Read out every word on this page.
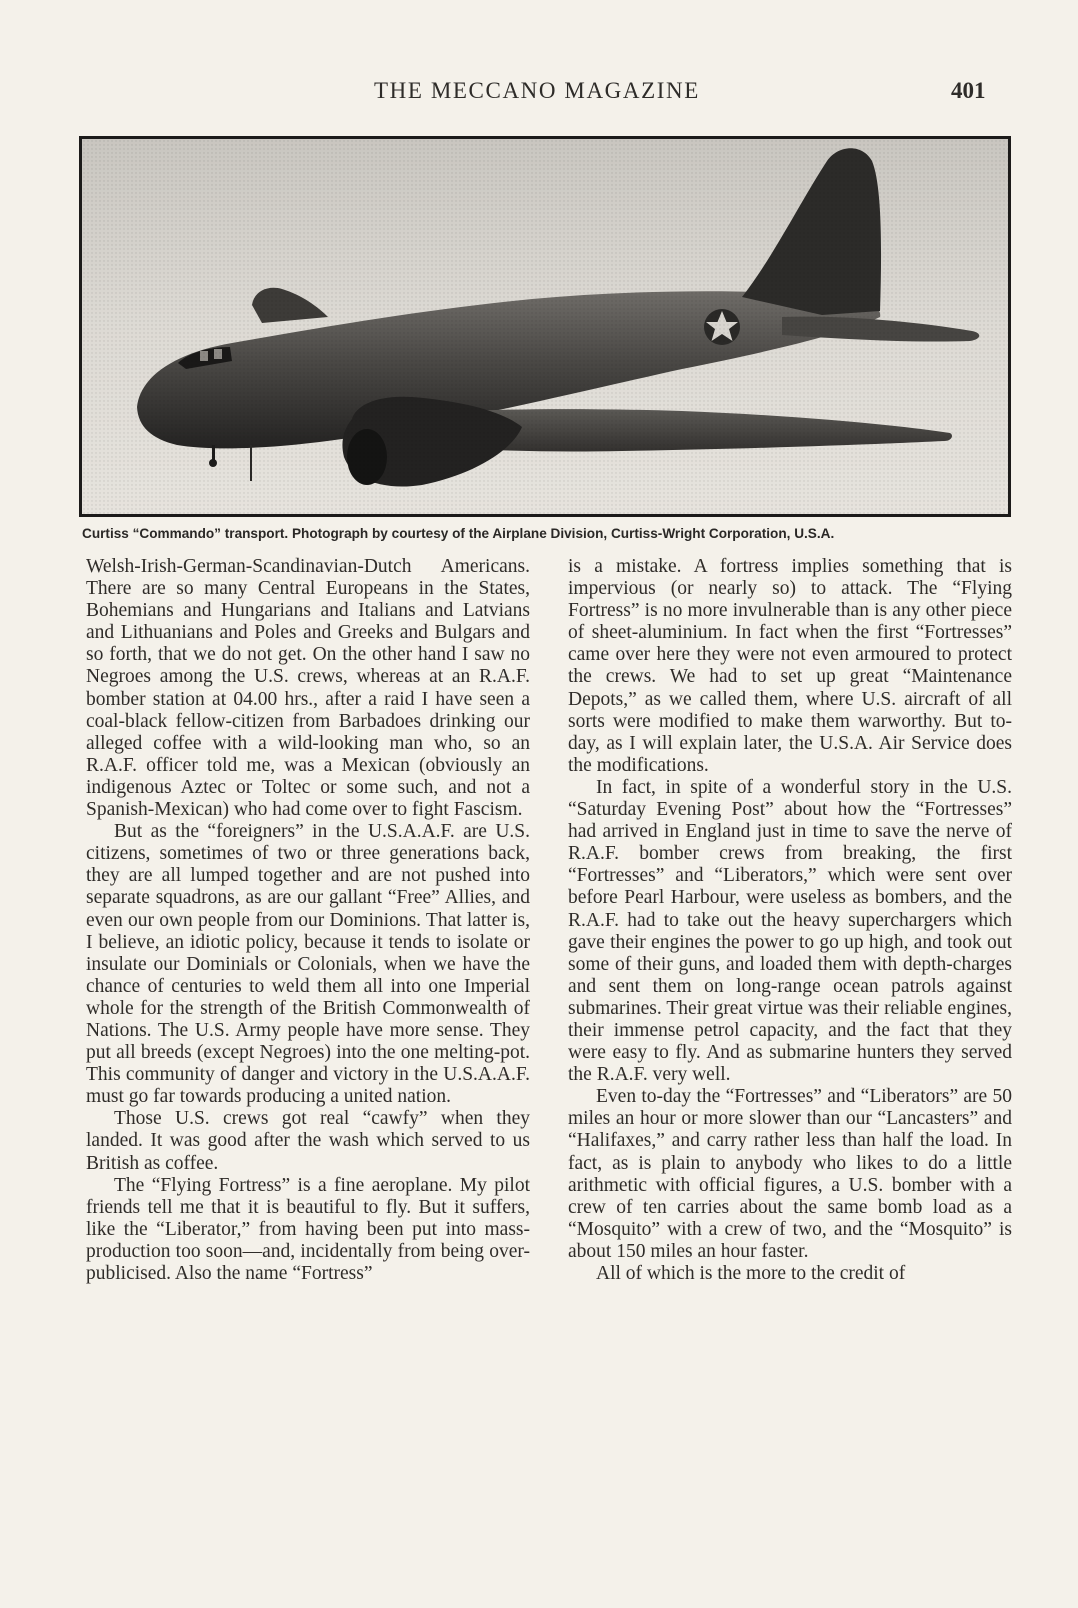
THE MECCANO MAGAZINE	401
Curtiss “Commando” transport. Photograph by courtesy of the Airplane Division, Curtiss-Wright Corporation, U.S.A.

Welsh-Irish-German-Scandinavian-Dutch Americans. There are so many Central Europeans in the States, Bohemians and Hungarians and Italians and Latvians and Lithuanians and Poles and Greeks and Bulgars and so forth, that we do not get. On the other hand I saw no Negroes among the U.S. crews, whereas at an R.A.F. bomber station at 04.00 hrs., after a raid I have seen a coal-black fellow-citizen from Barbadoes drinking our alleged coffee with a wild-looking man who, so an R.A.F. officer told me, was a Mexican (obviously an indigenous Aztec or Toltec or some such, and not a Spanish-Mexican) who had come over to fight Fascism.

But as the “foreigners” in the U.S.A.A.F. are U.S. citizens, sometimes of two or three generations back, they are all lumped together and are not pushed into separate squadrons, as are our gallant “Free” Allies, and even our own people from our Dominions. That latter is, I believe, an idiotic policy, because it tends to isolate or insulate our Dominials or Colonials, when we have the chance of centuries to weld them all into one Imperial whole for the strength of the British Commonwealth of Nations. The U.S. Army people have more sense. They put all breeds (except Negroes) into the one melting-pot. This community of danger and victory in the U.S.A.A.F. must go far towards producing a united nation.

Those U.S. crews got real “cawfy” when they landed. It was good after the wash which served to us British as coffee.

The “Flying Fortress” is a fine aeroplane. My pilot friends tell me that it is beautiful to fly. But it suffers, like the “Liberator,” from having been put into mass-production too soon—and, incidentally from being over-publicised. Also the name “Fortress”

is a mistake. A fortress implies something that is impervious (or nearly so) to attack. The “Flying Fortress” is no more invulnerable than is any other piece of sheet-aluminium. In fact when the first “Fortresses” came over here they were not even armoured to protect the crews. We had to set up great “Maintenance Depots,” as we called them, where U.S. aircraft of all sorts were modified to make them warworthy. But to-day, as I will explain later, the U.S.A. Air Service does the modifications.

In fact, in spite of a wonderful story in the U.S. “Saturday Evening Post” about how the “Fortresses” had arrived in England just in time to save the nerve of R.A.F. bomber crews from breaking, the first “Fortresses” and “Liberators,” which were sent over before Pearl Harbour, were useless as bombers, and the R.A.F. had to take out the heavy superchargers which gave their engines the power to go up high, and took out some of their guns, and loaded them with depth-charges and sent them on long-range ocean patrols against submarines. Their great virtue was their reliable engines, their immense petrol capacity, and the fact that they were easy to fly. And as submarine hunters they served the R.A.F. very well.

Even to-day the “Fortresses” and “Liberators” are 50 miles an hour or more slower than our “Lancasters” and “Halifaxes,” and carry rather less than half the load. In fact, as is plain to anybody who likes to do a little arithmetic with official figures, a U.S. bomber with a crew of ten carries about the same bomb load as a “Mosquito” with a crew of two, and the “Mosquito” is about 150 miles an hour faster.

All of which is the more to the credit of
